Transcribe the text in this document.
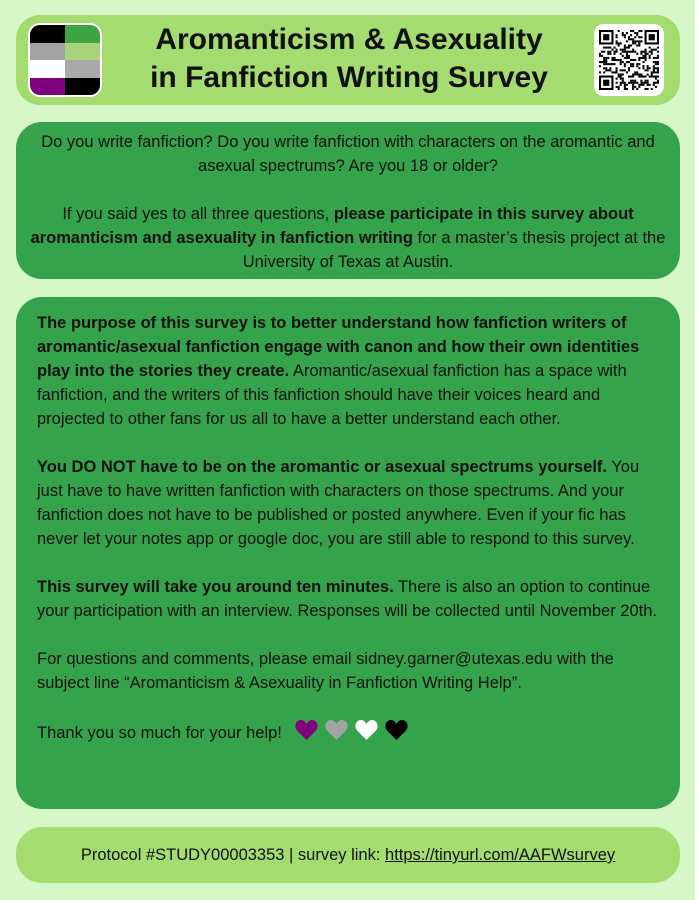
Aromanticism & Asexuality
in Fanfiction Writing Survey

Do you write fanfiction? Do you write fanfiction with characters on the aromantic and asexual spectrums? Are you 18 or older?

If you said yes to all three questions, please participate in this survey about aromanticism and asexuality in fanfiction writing for a master’s thesis project at the University of Texas at Austin.

The purpose of this survey is to better understand how fanfiction writers of aromantic/asexual fanfiction engage with canon and how their own identities play into the stories they create. Aromantic/asexual fanfiction has a space with fanfiction, and the writers of this fanfiction should have their voices heard and projected to other fans for us all to have a better understand each other.

You DO NOT have to be on the aromantic or asexual spectrums yourself. You just have to have written fanfiction with characters on those spectrums. And your fanfiction does not have to be published or posted anywhere. Even if your fic has never let your notes app or google doc, you are still able to respond to this survey.

This survey will take you around ten minutes. There is also an option to continue your participation with an interview. Responses will be collected until November 20th.

For questions and comments, please email sidney.garner@utexas.edu with the subject line “Aromanticism & Asexuality in Fanfiction Writing Help”.

Thank you so much for your help!

Protocol #STUDY00003353 | survey link: https://tinyurl.com/AAFWsurvey
